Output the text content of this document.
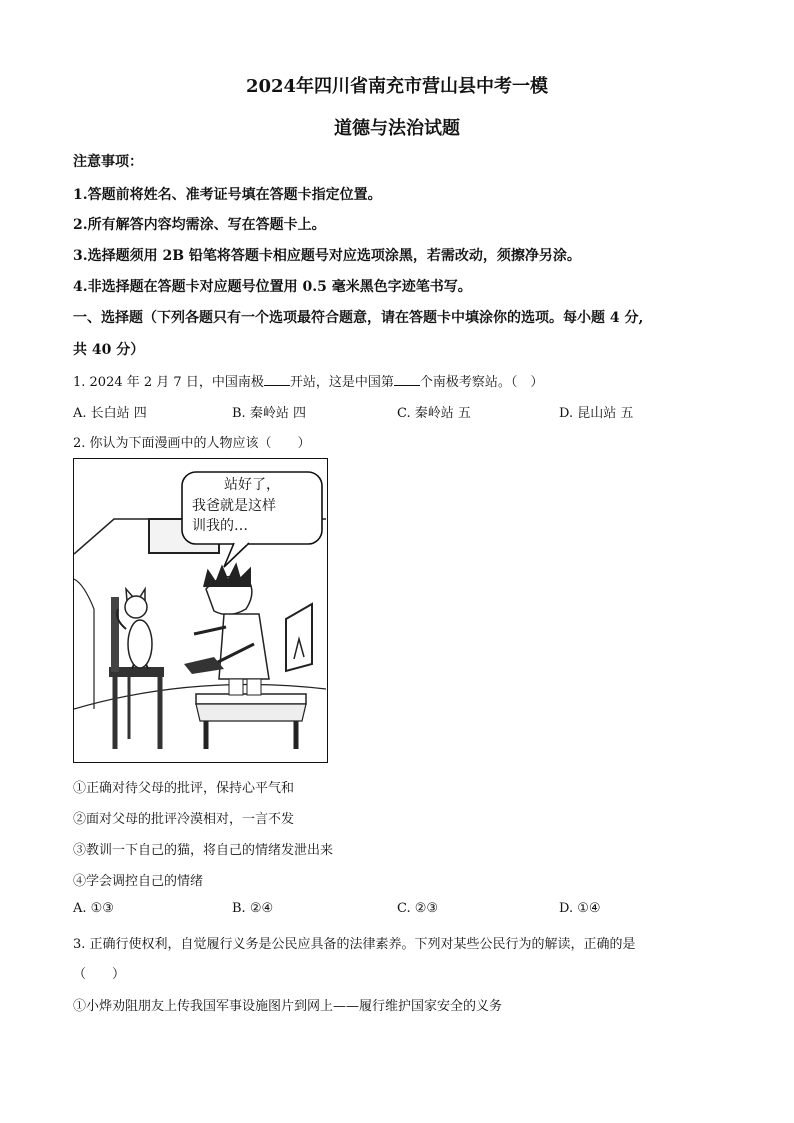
2024年四川省南充市营山县中考一模
道德与法治试题
注意事项：
1.答题前将姓名、准考证号填在答题卡指定位置。
2.所有解答内容均需涂、写在答题卡上。
3.选择题须用 2B 铅笔将答题卡相应题号对应选项涂黑，若需改动，须擦净另涂。
4.非选择题在答题卡对应题号位置用 0.5 毫米黑色字迹笔书写。
一、选择题（下列各题只有一个选项最符合题意，请在答题卡中填涂你的选项。每小题 4 分,
共 40 分）
1. 2024 年 2 月 7 日，中国南极 开站，这是中国第 个南极考察站。（　）
A. 长白站 四	B. 秦岭站 四	C. 秦岭站 五	D. 昆山站 五
2. 你认为下面漫画中的人物应该（　　）
站好了，
我爸就是这样
训我的…
①正确对待父母的批评，保持心平气和
②面对父母的批评冷漠相对，一言不发
③教训一下自己的猫，将自己的情绪发泄出来
④学会调控自己的情绪
A. ①③	B. ②④	C. ②③	D. ①④
3. 正确行使权利，自觉履行义务是公民应具备的法律素养。下列对某些公民行为的解读，正确的是
（　　）
①小烨劝阻朋友上传我国军事设施图片到网上——履行维护国家安全的义务
